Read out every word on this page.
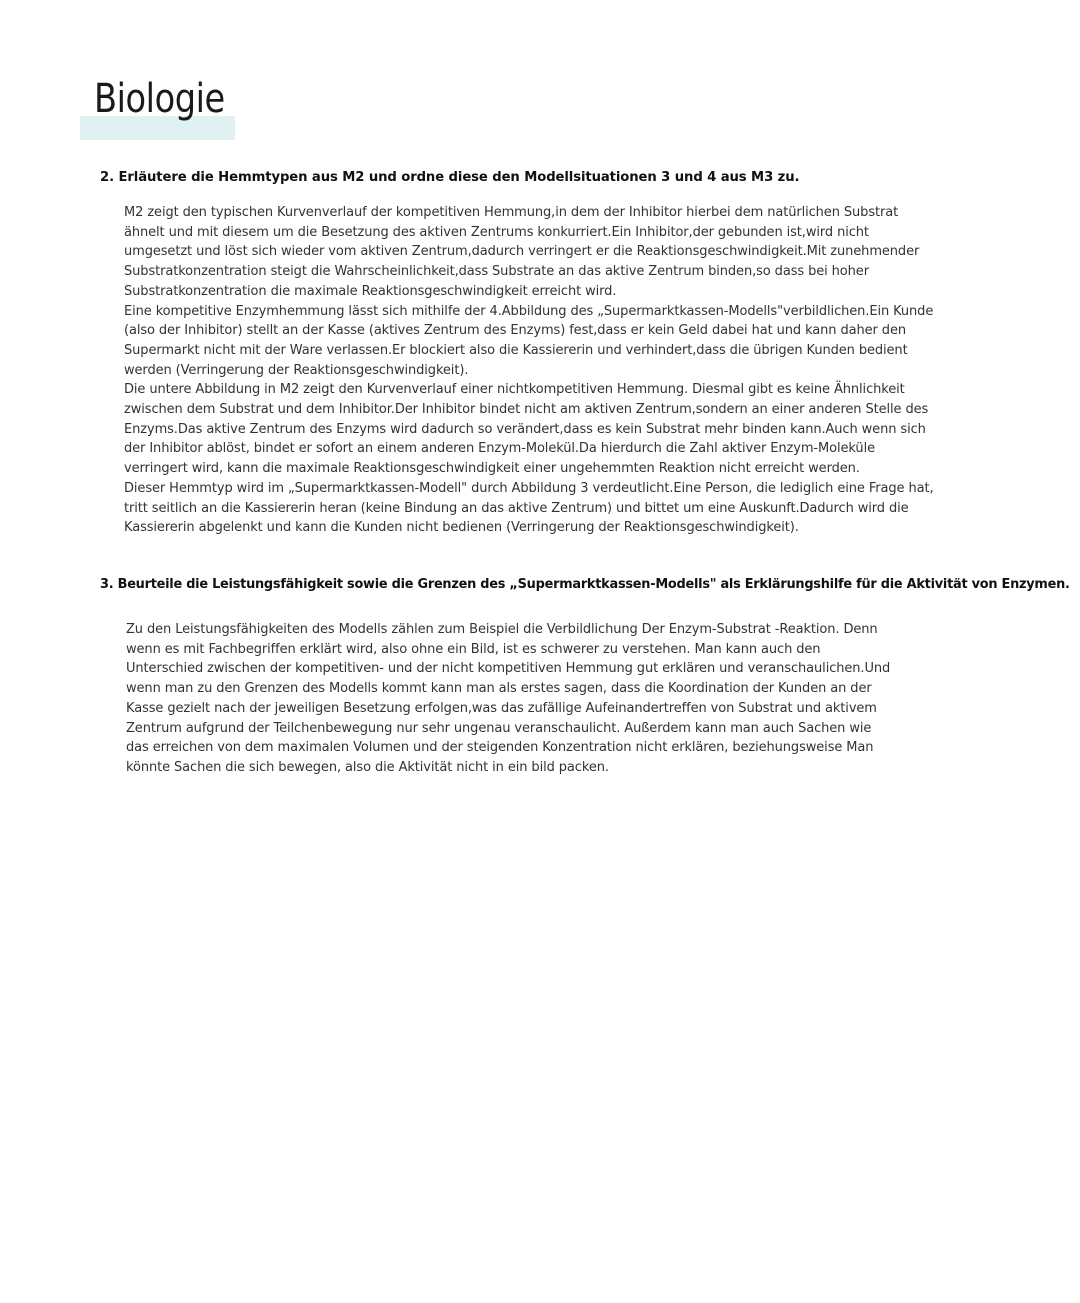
Biologie
2. Erläutere die Hemmtypen aus M2 und ordne diese den Modellsituationen 3 und 4 aus M3 zu.
M2 zeigt den typischen Kurvenverlauf der kompetitiven Hemmung,in dem der Inhibitor hierbei dem natürlichen Substrat
ähnelt und mit diesem um die Besetzung des aktiven Zentrums konkurriert.Ein Inhibitor,der gebunden ist,wird nicht
umgesetzt und löst sich wieder vom aktiven Zentrum,dadurch verringert er die Reaktionsgeschwindigkeit.Mit zunehmender
Substratkonzentration steigt die Wahrscheinlichkeit,dass Substrate an das aktive Zentrum binden,so dass bei hoher
Substratkonzentration die maximale Reaktionsgeschwindigkeit erreicht wird.
Eine kompetitive Enzymhemmung lässt sich mithilfe der 4.Abbildung des „Supermarktkassen-Modells"verbildlichen.Ein Kunde
(also der Inhibitor) stellt an der Kasse (aktives Zentrum des Enzyms) fest,dass er kein Geld dabei hat und kann daher den
Supermarkt nicht mit der Ware verlassen.Er blockiert also die Kassiererin und verhindert,dass die übrigen Kunden bedient
werden (Verringerung der Reaktionsgeschwindigkeit).
Die untere Abbildung in M2 zeigt den Kurvenverlauf einer nichtkompetitiven Hemmung. Diesmal gibt es keine Ähnlichkeit
zwischen dem Substrat und dem Inhibitor.Der Inhibitor bindet nicht am aktiven Zentrum,sondern an einer anderen Stelle des
Enzyms.Das aktive Zentrum des Enzyms wird dadurch so verändert,dass es kein Substrat mehr binden kann.Auch wenn sich
der Inhibitor ablöst, bindet er sofort an einem anderen Enzym-Molekül.Da hierdurch die Zahl aktiver Enzym-Moleküle
verringert wird, kann die maximale Reaktionsgeschwindigkeit einer ungehemmten Reaktion nicht erreicht werden.
Dieser Hemmtyp wird im „Supermarktkassen-Modell" durch Abbildung 3 verdeutlicht.Eine Person, die lediglich eine Frage hat,
tritt seitlich an die Kassiererin heran (keine Bindung an das aktive Zentrum) und bittet um eine Auskunft.Dadurch wird die
Kassiererin abgelenkt und kann die Kunden nicht bedienen (Verringerung der Reaktionsgeschwindigkeit).
3. Beurteile die Leistungsfähigkeit sowie die Grenzen des „Supermarktkassen-Modells" als Erklärungshilfe für die Aktivität von Enzymen.
Zu den Leistungsfähigkeiten des Modells zählen zum Beispiel die Verbildlichung Der Enzym-Substrat -Reaktion. Denn
wenn es mit Fachbegriffen erklärt wird, also ohne ein Bild, ist es schwerer zu verstehen. Man kann auch den
Unterschied zwischen der kompetitiven- und der nicht kompetitiven Hemmung gut erklären und veranschaulichen.Und
wenn man zu den Grenzen des Modells kommt kann man als erstes sagen, dass die Koordination der Kunden an der
Kasse gezielt nach der jeweiligen Besetzung erfolgen,was das zufällige Aufeinandertreffen von Substrat und aktivem
Zentrum aufgrund der Teilchenbewegung nur sehr ungenau veranschaulicht. Außerdem kann man auch Sachen wie
das erreichen von dem maximalen Volumen und der steigenden Konzentration nicht erklären, beziehungsweise Man
könnte Sachen die sich bewegen, also die Aktivität nicht in ein bild packen.
